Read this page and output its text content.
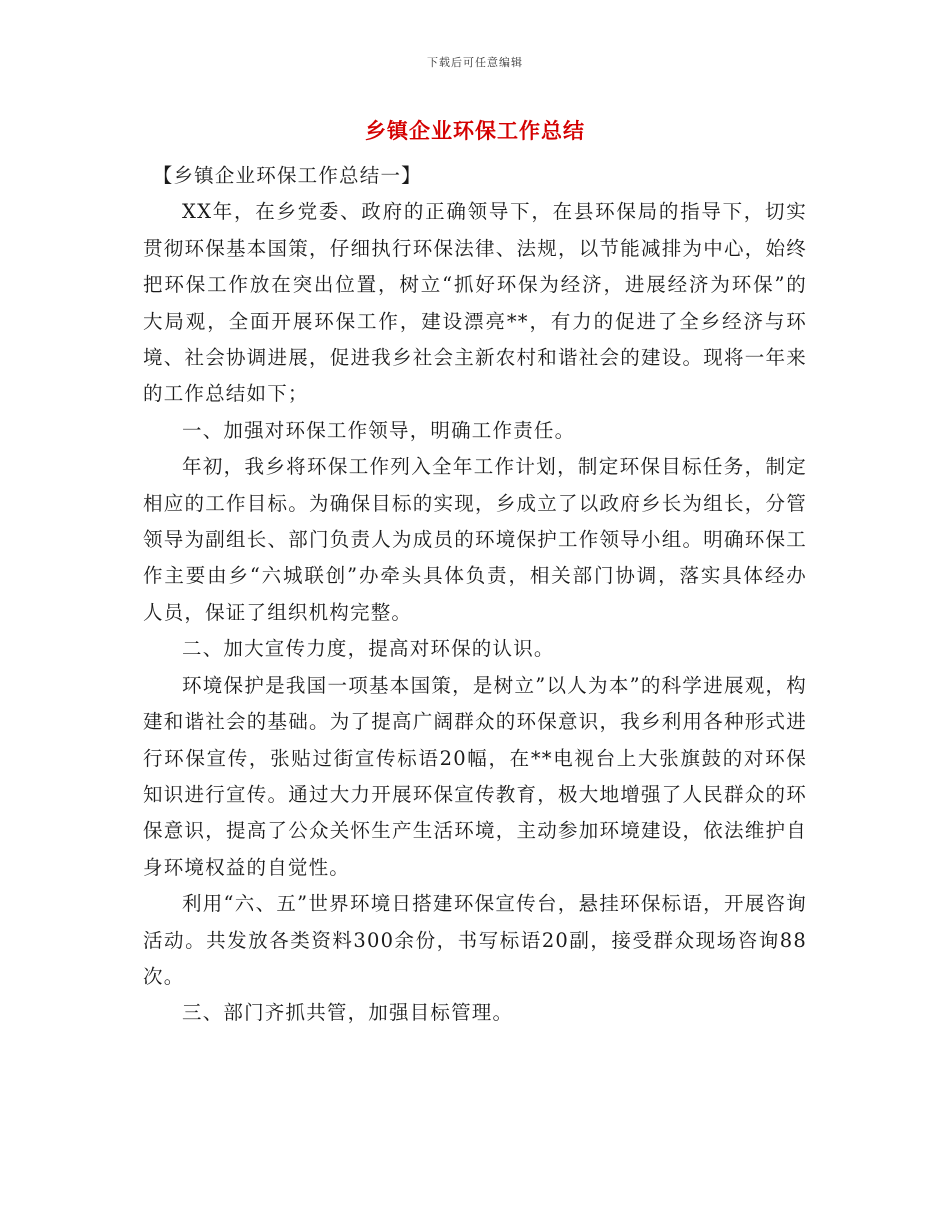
下载后可任意编辑
乡镇企业环保工作总结

【乡镇企业环保工作总结一】

XX年，在乡党委、政府的正确领导下，在县环保局的指导下，切实贯彻环保基本国策，仔细执行环保法律、法规，以节能减排为中心，始终把环保工作放在突出位置，树立“抓好环保为经济，进展经济为环保”的大局观，全面开展环保工作，建设漂亮**，有力的促进了全乡经济与环境、社会协调进展，促进我乡社会主新农村和谐社会的建设。现将一年来的工作总结如下；

一、加强对环保工作领导，明确工作责任。

年初，我乡将环保工作列入全年工作计划，制定环保目标任务，制定相应的工作目标。为确保目标的实现，乡成立了以政府乡长为组长，分管领导为副组长、部门负责人为成员的环境保护工作领导小组。明确环保工作主要由乡“六城联创”办牵头具体负责，相关部门协调，落实具体经办人员，保证了组织机构完整。

二、加大宣传力度，提高对环保的认识。

环境保护是我国一项基本国策，是树立”以人为本”的科学进展观，构建和谐社会的基础。为了提高广阔群众的环保意识，我乡利用各种形式进行环保宣传，张贴过街宣传标语20幅，在**电视台上大张旗鼓的对环保知识进行宣传。通过大力开展环保宣传教育，极大地增强了人民群众的环保意识，提高了公众关怀生产生活环境，主动参加环境建设，依法维护自身环境权益的自觉性。

利用“六、五”世界环境日搭建环保宣传台，悬挂环保标语，开展咨询活动。共发放各类资料300余份，书写标语20副，接受群众现场咨询88次。

三、部门齐抓共管，加强目标管理。
